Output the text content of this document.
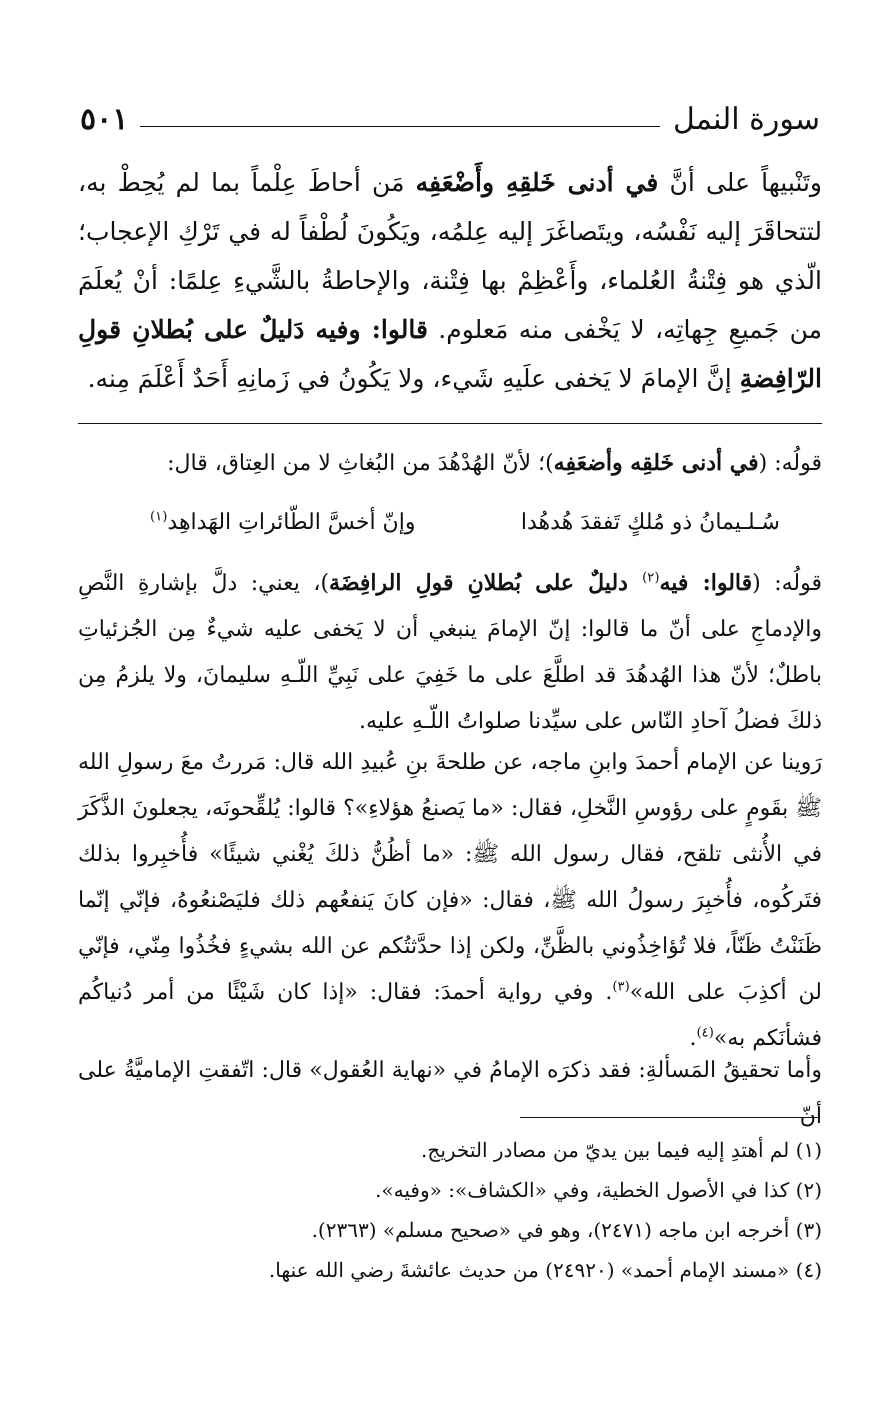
سورة النمل
٥٠١
وتَنْبيهاً على أنَّ في أدنى خَلقِهِ وأَضْعَفِه مَن أحاطَ عِلْماً بما لم يُحِطْ به، لتتحاقَرَ إليه نَفْسُه، ويتَصاغَرَ إليه عِلمُه، ويَكُونَ لُطْفاً له في تَرْكِ الإعجاب؛ الّذي هو فِتْنةُ العُلماء، وأَعْظِمْ بها فِتْنة، والإحاطةُ بالشَّيءِ عِلمًا: أنْ يُعلَمَ من جَميعِ جِهاتِه، لا يَخْفى منه مَعلوم. قالوا: وفيه دَليلٌ على بُطلانِ قولِ الرّافِضةِ إنَّ الإمامَ لا يَخفى علَيهِ شَيء، ولا يَكُونُ في زَمانِهِ أَحَدٌ أَعْلَمَ مِنه.
قولُه: (في أدنى خَلقِه وأضعَفِه)؛ لأنّ الهُدْهُدَ من البُغاثِ لا من العِتاق، قال:
سُـلـيمانُ ذو مُلكٍ تَفقدَ هُدهُدا
وإنّ أخسَّ الطّائراتِ الهَداهِد$^{(١)}$
قولُه: (قالوا: فيه$^{(٢)}$ دليلٌ على بُطلانِ قولِ الرافِضَة)، يعني: دلَّ بإشارةِ النَّصِ والإدماجِ على أنّ ما قالوا: إنّ الإمامَ ينبغي أن لا يَخفى عليه شيءٌ مِن الجُزئياتِ باطلٌ؛ لأنّ هذا الهُدهُدَ قد اطلَّعَ على ما خَفِيَ على نَبِيِّ اللّـهِ سليمانَ، ولا يلزمُ مِن ذلكَ فضلُ آحادِ النّاس على سيِّدنا صلواتُ اللّـهِ عليه.
رَوينا عن الإمام أحمدَ وابنِ ماجه، عن طلحةَ بنِ عُبيدِ الله قال: مَررتُ معَ رسولِ الله ﷺ بقَومٍ على رؤوسِ النَّخلِ، فقال: «ما يَصنعُ هؤلاءِ»؟ قالوا: يُلقِّحونَه، يجعلونَ الذَّكَرَ في الأُنثى تلقح، فقال رسول الله ﷺ: «ما أظُنُّ ذلكَ يُغْني شيئًا» فأُخبِروا بذلك فتَركُوه، فأُخبِرَ رسولُ الله ﷺ، فقال: «فإن كانَ يَنفعُهم ذلك فليَصْنعُوهُ، فإنّي إنّما ظَنَنْتُ ظَنّاً، فلا تُؤاخِذُوني بالظَّنِّ، ولكن إذا حدَّثتُكم عن الله بشيءٍ فخُذُوا مِنّي، فإنّي لن أكذِبَ على الله»$^{(٣)}$. وفي رواية أحمدَ: فقال: «إذا كان شَيْئًا من أمر دُنياكُم فشأنَكم به»$^{(٤)}$.
وأما تحقيقُ المَسألةِ: فقد ذكرَه الإمامُ في «نهاية العُقول» قال: اتّفقتِ الإماميَّةُ على أنّ
(١) لم أهتدِ إليه فيما بين يديّ من مصادر التخريج.
(٢) كذا في الأصول الخطية، وفي «الكشاف»: «وفيه».
(٣) أخرجه ابن ماجه (٢٤٧١)، وهو في «صحيح مسلم» (٢٣٦٣).
(٤) «مسند الإمام أحمد» (٢٤٩٢٠) من حديث عائشةَ رضي الله عنها.
